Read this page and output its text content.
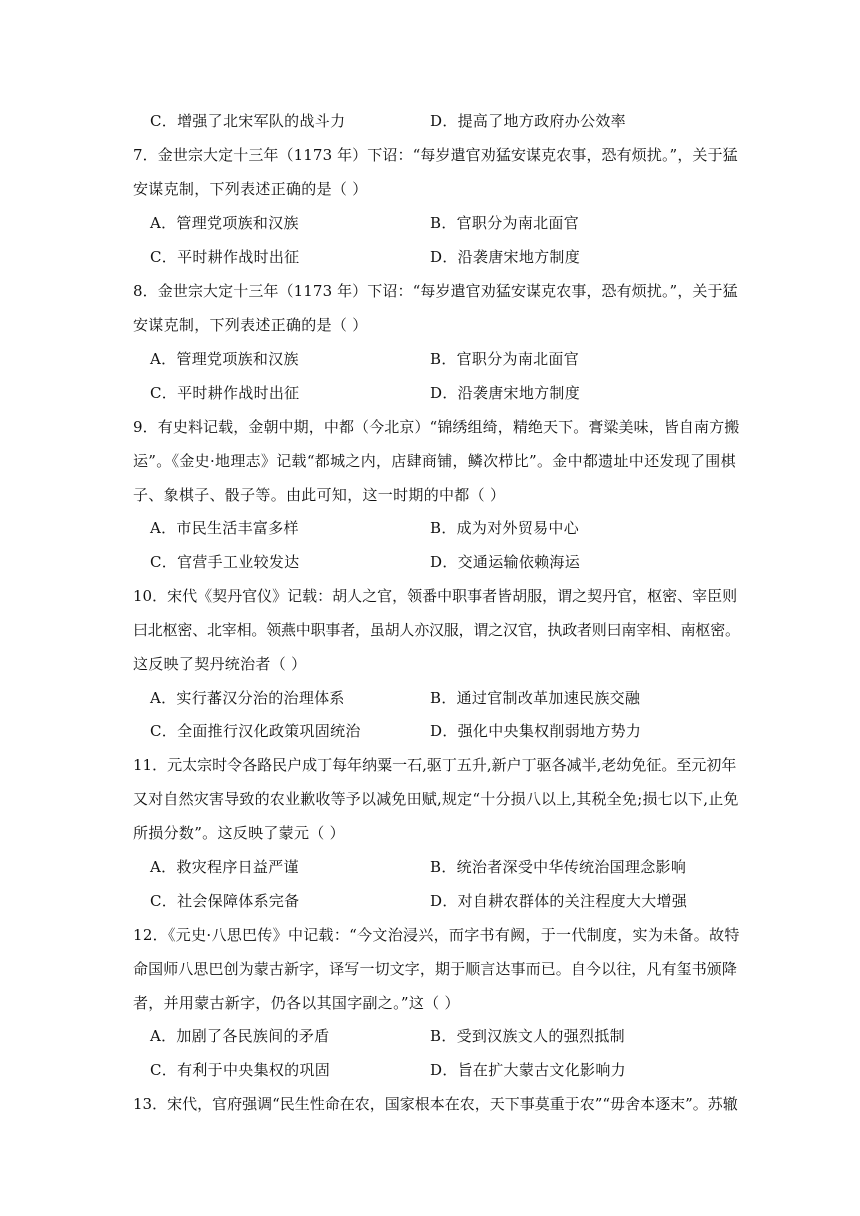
C．增强了北宋军队的战斗力	D．提高了地方政府办公效率
7．金世宗大定十三年（1173 年）下诏：“每岁遣官劝猛安谋克农事，恐有烦扰。”，关于猛
安谋克制，下列表述正确的是（ ）
A．管理党项族和汉族	B．官职分为南北面官
C．平时耕作战时出征	D．沿袭唐宋地方制度
8．金世宗大定十三年（1173 年）下诏：“每岁遣官劝猛安谋克农事，恐有烦扰。”，关于猛
安谋克制，下列表述正确的是（ ）
A．管理党项族和汉族	B．官职分为南北面官
C．平时耕作战时出征	D．沿袭唐宋地方制度
9．有史料记载，金朝中期，中都（今北京）“锦绣组绮，精绝天下。膏粱美味，皆自南方搬
运”。《金史·地理志》记载“都城之内，店肆商铺，鳞次栉比”。金中都遗址中还发现了围棋
子、象棋子、骰子等。由此可知，这一时期的中都（ ）
A．市民生活丰富多样	B．成为对外贸易中心
C．官营手工业较发达	D．交通运输依赖海运
10．宋代《契丹官仪》记载：胡人之官，领番中职事者皆胡服，谓之契丹官，枢密、宰臣则
曰北枢密、北宰相。领燕中职事者，虽胡人亦汉服，谓之汉官，执政者则曰南宰相、南枢密。
这反映了契丹统治者（ ）
A．实行蕃汉分治的治理体系	B．通过官制改革加速民族交融
C．全面推行汉化政策巩固统治	D．强化中央集权削弱地方势力
11．元太宗时令各路民户成丁每年纳粟一石,驱丁五升,新户丁驱各减半,老幼免征。至元初年
又对自然灾害导致的农业歉收等予以减免田赋,规定“十分损八以上,其税全免;损七以下,止免
所损分数”。这反映了蒙元（ ）
A．救灾程序日益严谨	B．统治者深受中华传统治国理念影响
C．社会保障体系完备	D．对自耕农群体的关注程度大大增强
12．《元史·八思巴传》中记载：“今文治浸兴，而字书有阙，于一代制度，实为未备。故特
命国师八思巴创为蒙古新字，译写一切文字，期于顺言达事而已。自今以往，凡有玺书颁降
者，并用蒙古新字，仍各以其国字副之。”这（ ）
A．加剧了各民族间的矛盾	B．受到汉族文人的强烈抵制
C．有利于中央集权的巩固	D．旨在扩大蒙古文化影响力
13．宋代，官府强调“民生性命在农，国家根本在农，天下事莫重于农”“毋舍本逐末”。苏辙
